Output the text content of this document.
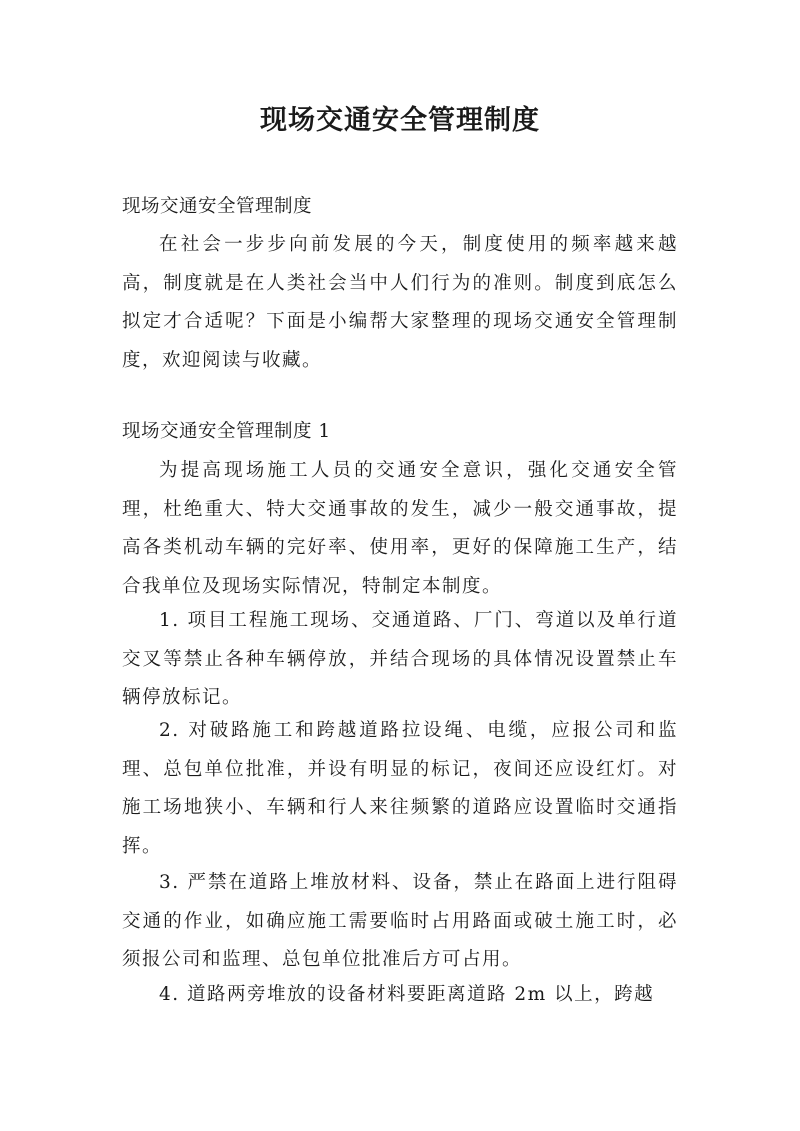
现场交通安全管理制度
现场交通安全管理制度
在社会一步步向前发展的今天，制度使用的频率越来越高，制度就是在人类社会当中人们行为的准则。制度到底怎么拟定才合适呢？下面是小编帮大家整理的现场交通安全管理制度，欢迎阅读与收藏。
现场交通安全管理制度 1
为提高现场施工人员的交通安全意识，强化交通安全管理，杜绝重大、特大交通事故的发生，减少一般交通事故，提高各类机动车辆的完好率、使用率，更好的保障施工生产，结合我单位及现场实际情况，特制定本制度。
1. 项目工程施工现场、交通道路、厂门、弯道以及单行道交叉等禁止各种车辆停放，并结合现场的具体情况设置禁止车辆停放标记。
2. 对破路施工和跨越道路拉设绳、电缆，应报公司和监理、总包单位批准，并设有明显的标记，夜间还应设红灯。对施工场地狭小、车辆和行人来往频繁的道路应设置临时交通指挥。
3. 严禁在道路上堆放材料、设备，禁止在路面上进行阻碍交通的作业，如确应施工需要临时占用路面或破土施工时，必须报公司和监理、总包单位批准后方可占用。
4. 道路两旁堆放的设备材料要距离道路 2m 以上，跨越
